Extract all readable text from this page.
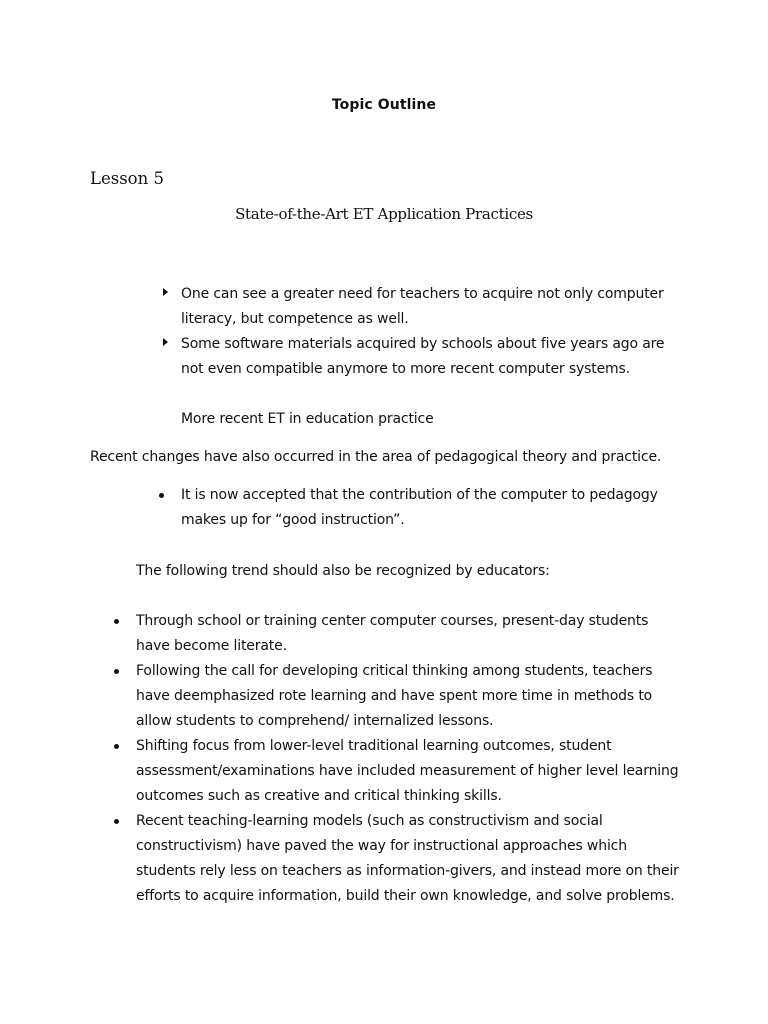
Topic Outline
Lesson 5
State-of-the-Art ET Application Practices
One can see a greater need for teachers to acquire not only computer literacy, but competence as well.
Some software materials acquired by schools about five years ago are not even compatible anymore to more recent computer systems.
More recent ET in education practice
Recent changes have also occurred in the area of pedagogical theory and practice.
It is now accepted that the contribution of the computer to pedagogy makes up for “good instruction”.
The following trend should also be recognized by educators:
Through school or training center computer courses, present-day students have become literate.
Following the call for developing critical thinking among students, teachers have deemphasized rote learning and have spent more time in methods to allow students to comprehend/ internalized lessons.
Shifting focus from lower-level traditional learning outcomes, student assessment/examinations have included measurement of higher level learning outcomes such as creative and critical thinking skills.
Recent teaching-learning models (such as constructivism and social constructivism) have paved the way for instructional approaches which students rely less on teachers as information-givers, and instead more on their efforts to acquire information, build their own knowledge, and solve problems.
